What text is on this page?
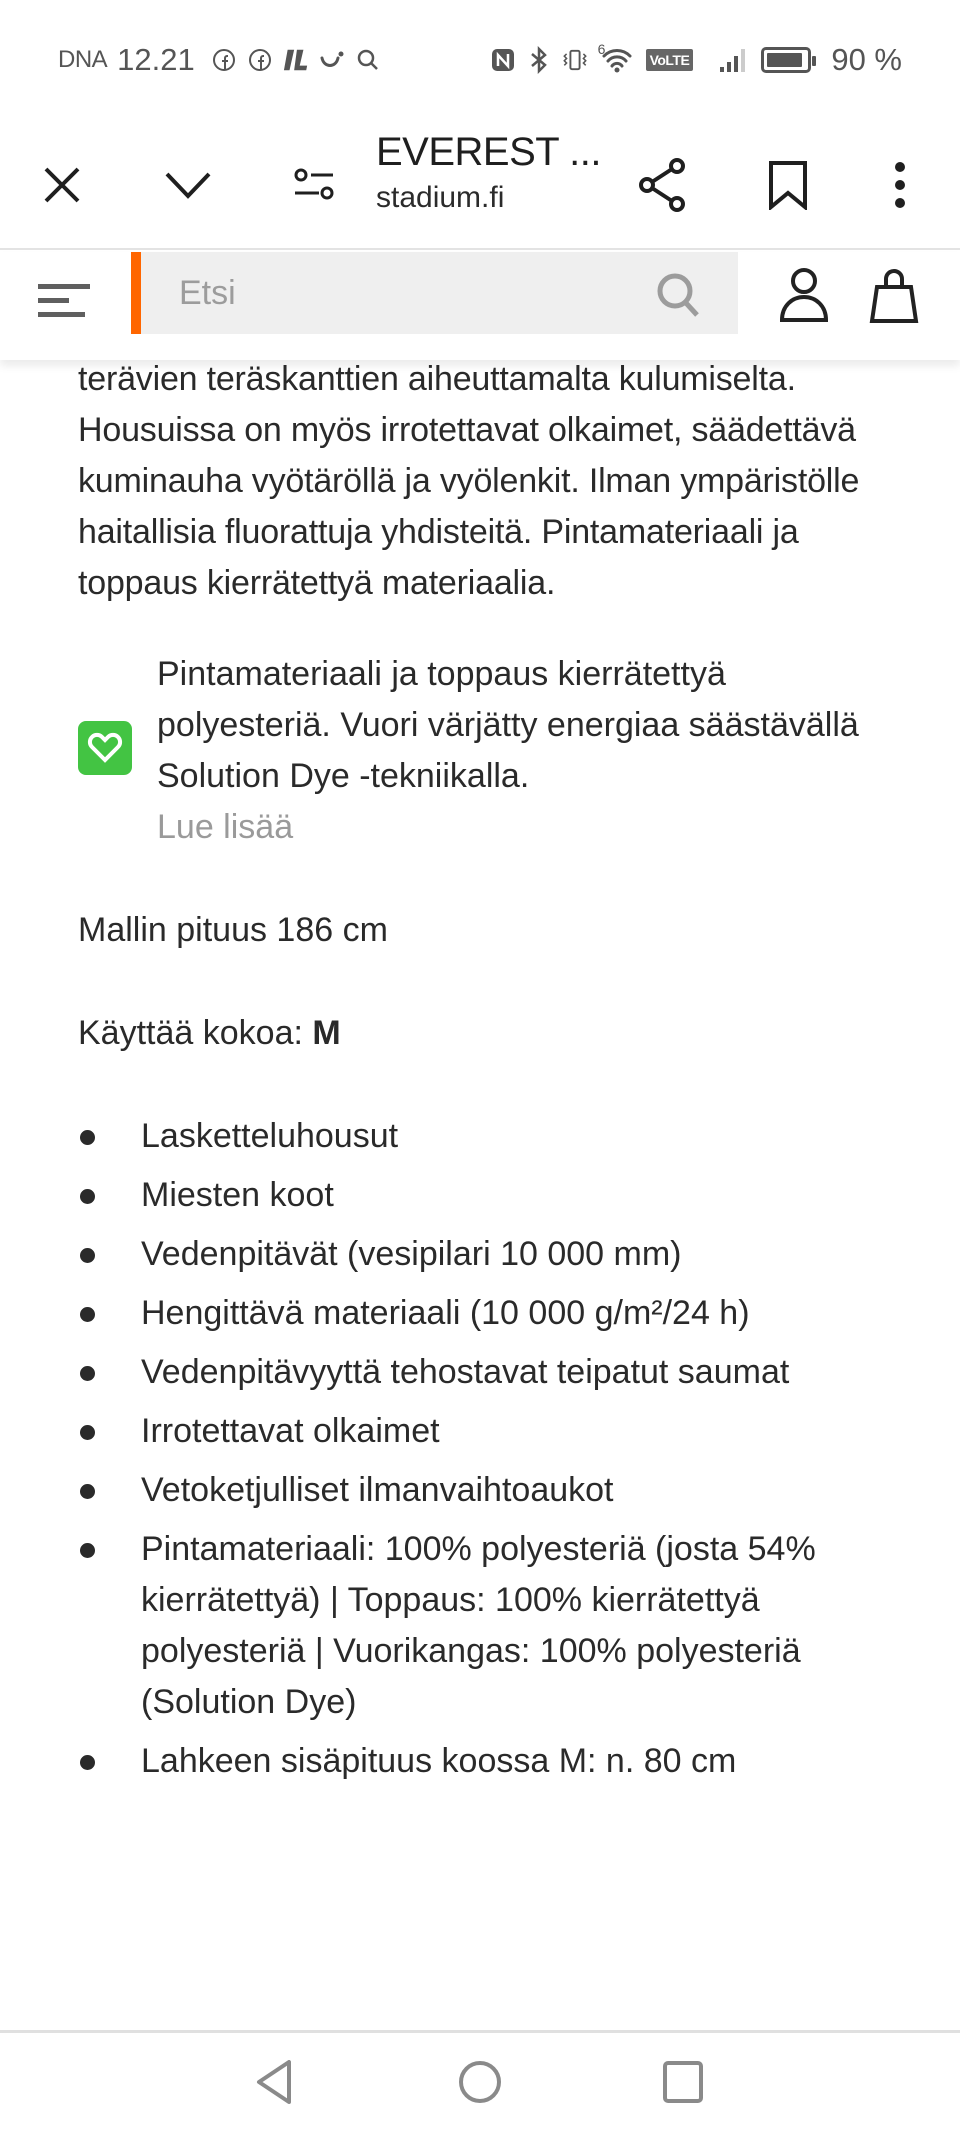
DNA 12.21	6
VoLTE	90 %
EVEREST ...
stadium.fi
Etsi

terävien teräskanttien aiheuttamalta kulumiselta. Housuissa on myös irrotettavat olkaimet, säädettävä kuminauha vyötäröllä ja vyölenkit. Ilman ympäristölle haitallisia fluorattuja yhdisteitä. Pintamateriaali ja toppaus kierrätettyä materiaalia.

Pintamateriaali ja toppaus kierrätettyä polyesteriä. Vuori värjätty energiaa säästävällä Solution Dye -tekniikalla.
Lue lisää

Mallin pituus 186 cm

Käyttää kokoa: M

Lasketteluhousut
Miesten koot
Vedenpitävät (vesipilari 10 000 mm)
Hengittävä materiaali (10 000 g/m²/24 h)
Vedenpitävyyttä tehostavat teipatut saumat
Irrotettavat olkaimet
Vetoketjulliset ilmanvaihtoaukot
Pintamateriaali: 100% polyesteriä (josta 54% kierrätettyä) | Toppaus: 100% kierrätettyä polyesteriä | Vuorikangas: 100% polyesteriä (Solution Dye)
Lahkeen sisäpituus koossa M: n. 80 cm
